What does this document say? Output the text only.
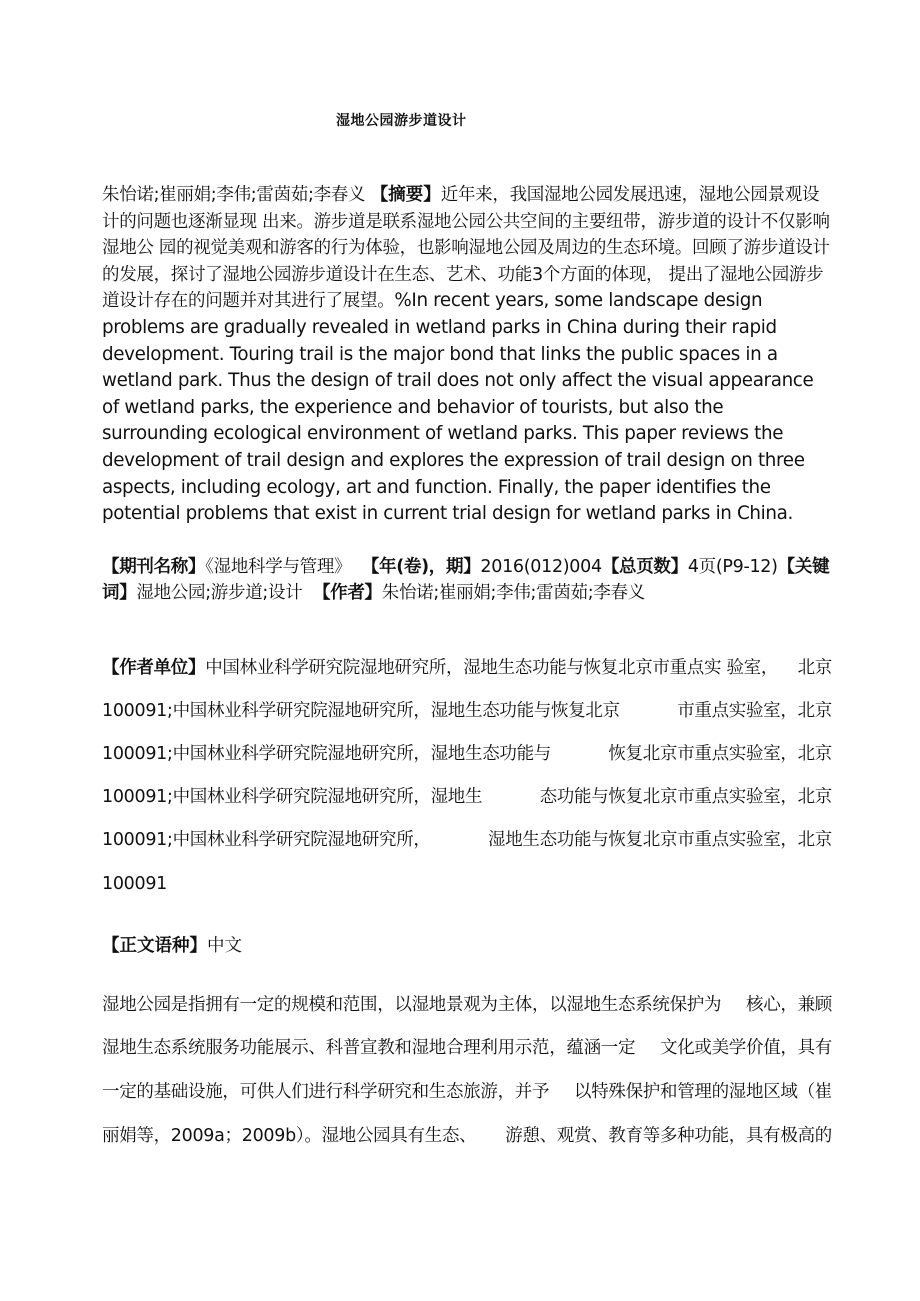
湿地公园游步道设计
朱怡诺;崔丽娟;李伟;雷茵茹;李春义 【摘要】近年来，我国湿地公园发展迅速，湿地公园景观设计的问题也逐渐显现 出来。游步道是联系湿地公园公共空间的主要纽带，游步道的设计不仅影响湿地公 园的视觉美观和游客的行为体验，也影响湿地公园及周边的生态环境。回顾了游步道设计的发展，探讨了湿地公园游步道设计在生态、艺术、功能3个方面的体现， 提出了湿地公园游步道设计存在的问题并对其进行了展望。%In recent years, some landscape design problems are gradually revealed in wetland parks in China during their rapid development. Touring trail is the major bond that links the public spaces in a wetland park. Thus the design of trail does not only affect the visual appearance of wetland parks, the experience and behavior of tourists, but also the surrounding ecological environment of wetland parks. This paper reviews the development of trail design and explores the expression of trail design on three aspects, including ecology, art and function. Finally, the paper identifies the potential problems that exist in current trial design for wetland parks in China.
【期刊名称】《湿地科学与管理》 【年(卷)，期】2016(012)004【总页数】4页(P9-12)【关键词】湿地公园;游步道;设计 【作者】朱怡诺;崔丽娟;李伟;雷茵茹;李春义
【作者单位】中国林业科学研究院湿地研究所，湿地生态功能与恢复北京市重点实 验室， 北京
100091;中国林业科学研究院湿地研究所，湿地生态功能与恢复北京	市重点实验室，北京
100091;中国林业科学研究院湿地研究所，湿地生态功能与	恢复北京市重点实验室，北京
100091;中国林业科学研究院湿地研究所，湿地生	态功能与恢复北京市重点实验室，北京
100091;中国林业科学研究院湿地研究所，	湿地生态功能与恢复北京市重点实验室，北京
100091
【正文语种】中文
湿地公园是指拥有一定的规模和范围，以湿地景观为主体，以湿地生态系统保护为 核心，兼顾
湿地生态系统服务功能展示、科普宣教和湿地合理利用示范，蕴涵一定 文化或美学价值，具有
一定的基础设施，可供人们进行科学研究和生态旅游，并予 以特殊保护和管理的湿地区域（崔
丽娟等，2009a；2009b）。湿地公园具有生态、 游憩、观赏、教育等多种功能，具有极高的
